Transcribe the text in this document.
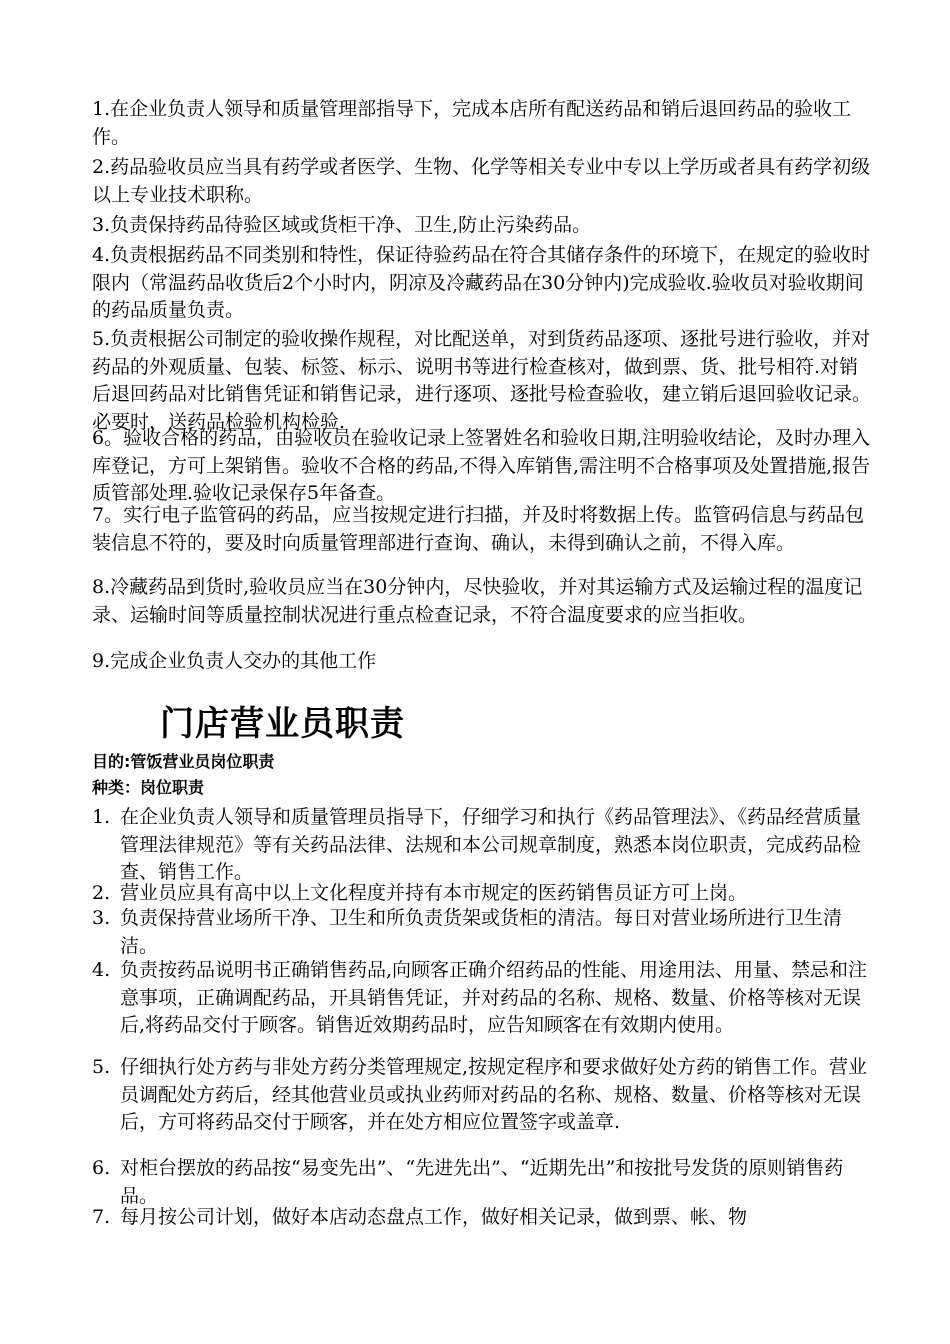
1.在企业负责人领导和质量管理部指导下，完成本店所有配送药品和销后退回药品的验收工作。

2.药品验收员应当具有药学或者医学、生物、化学等相关专业中专以上学历或者具有药学初级以上专业技术职称。

3.负责保持药品待验区域或货柜干净、卫生,防止污染药品。

4.负责根据药品不同类别和特性，保证待验药品在符合其储存条件的环境下，在规定的验收时限内（常温药品收货后2个小时内，阴凉及冷藏药品在30分钟内)完成验收.验收员对验收期间的药品质量负责。

5.负责根据公司制定的验收操作规程，对比配送单，对到货药品逐项、逐批号进行验收，并对药品的外观质量、包装、标签、标示、说明书等进行检查核对，做到票、货、批号相符.对销后退回药品对比销售凭证和销售记录，进行逐项、逐批号检查验收，建立销后退回验收记录。必要时，送药品检验机构检验.

6。验收合格的药品，由验收员在验收记录上签署姓名和验收日期,注明验收结论，及时办理入库登记，方可上架销售。验收不合格的药品,不得入库销售,需注明不合格事项及处置措施,报告质管部处理.验收记录保存5年备查。

7。实行电子监管码的药品，应当按规定进行扫描，并及时将数据上传。监管码信息与药品包装信息不符的，要及时向质量管理部进行查询、确认，未得到确认之前，不得入库。

8.冷藏药品到货时,验收员应当在30分钟内，尽快验收，并对其运输方式及运输过程的温度记录、运输时间等质量控制状况进行重点检查记录，不符合温度要求的应当拒收。

9.完成企业负责人交办的其他工作

门店营业员职责

目的:管饭营业员岗位职责

种类：岗位职责

1. 在企业负责人领导和质量管理员指导下，仔细学习和执行《药品管理法》、《药品经营质量管理法律规范》等有关药品法律、法规和本公司规章制度，熟悉本岗位职责，完成药品检查、销售工作。
2. 营业员应具有高中以上文化程度并持有本市规定的医药销售员证方可上岗。
3. 负责保持营业场所干净、卫生和所负责货架或货柜的清洁。每日对营业场所进行卫生清洁。
4. 负责按药品说明书正确销售药品,向顾客正确介绍药品的性能、用途用法、用量、禁忌和注意事项，正确调配药品，开具销售凭证，并对药品的名称、规格、数量、价格等核对无误后,将药品交付于顾客。销售近效期药品时，应告知顾客在有效期内使用。
5. 仔细执行处方药与非处方药分类管理规定,按规定程序和要求做好处方药的销售工作。营业员调配处方药后，经其他营业员或执业药师对药品的名称、规格、数量、价格等核对无误后，方可将药品交付于顾客，并在处方相应位置签字或盖章.
6. 对柜台摆放的药品按“易变先出”、“先进先出”、“近期先出”和按批号发货的原则销售药品。
7. 每月按公司计划，做好本店动态盘点工作，做好相关记录，做到票、帐、物
